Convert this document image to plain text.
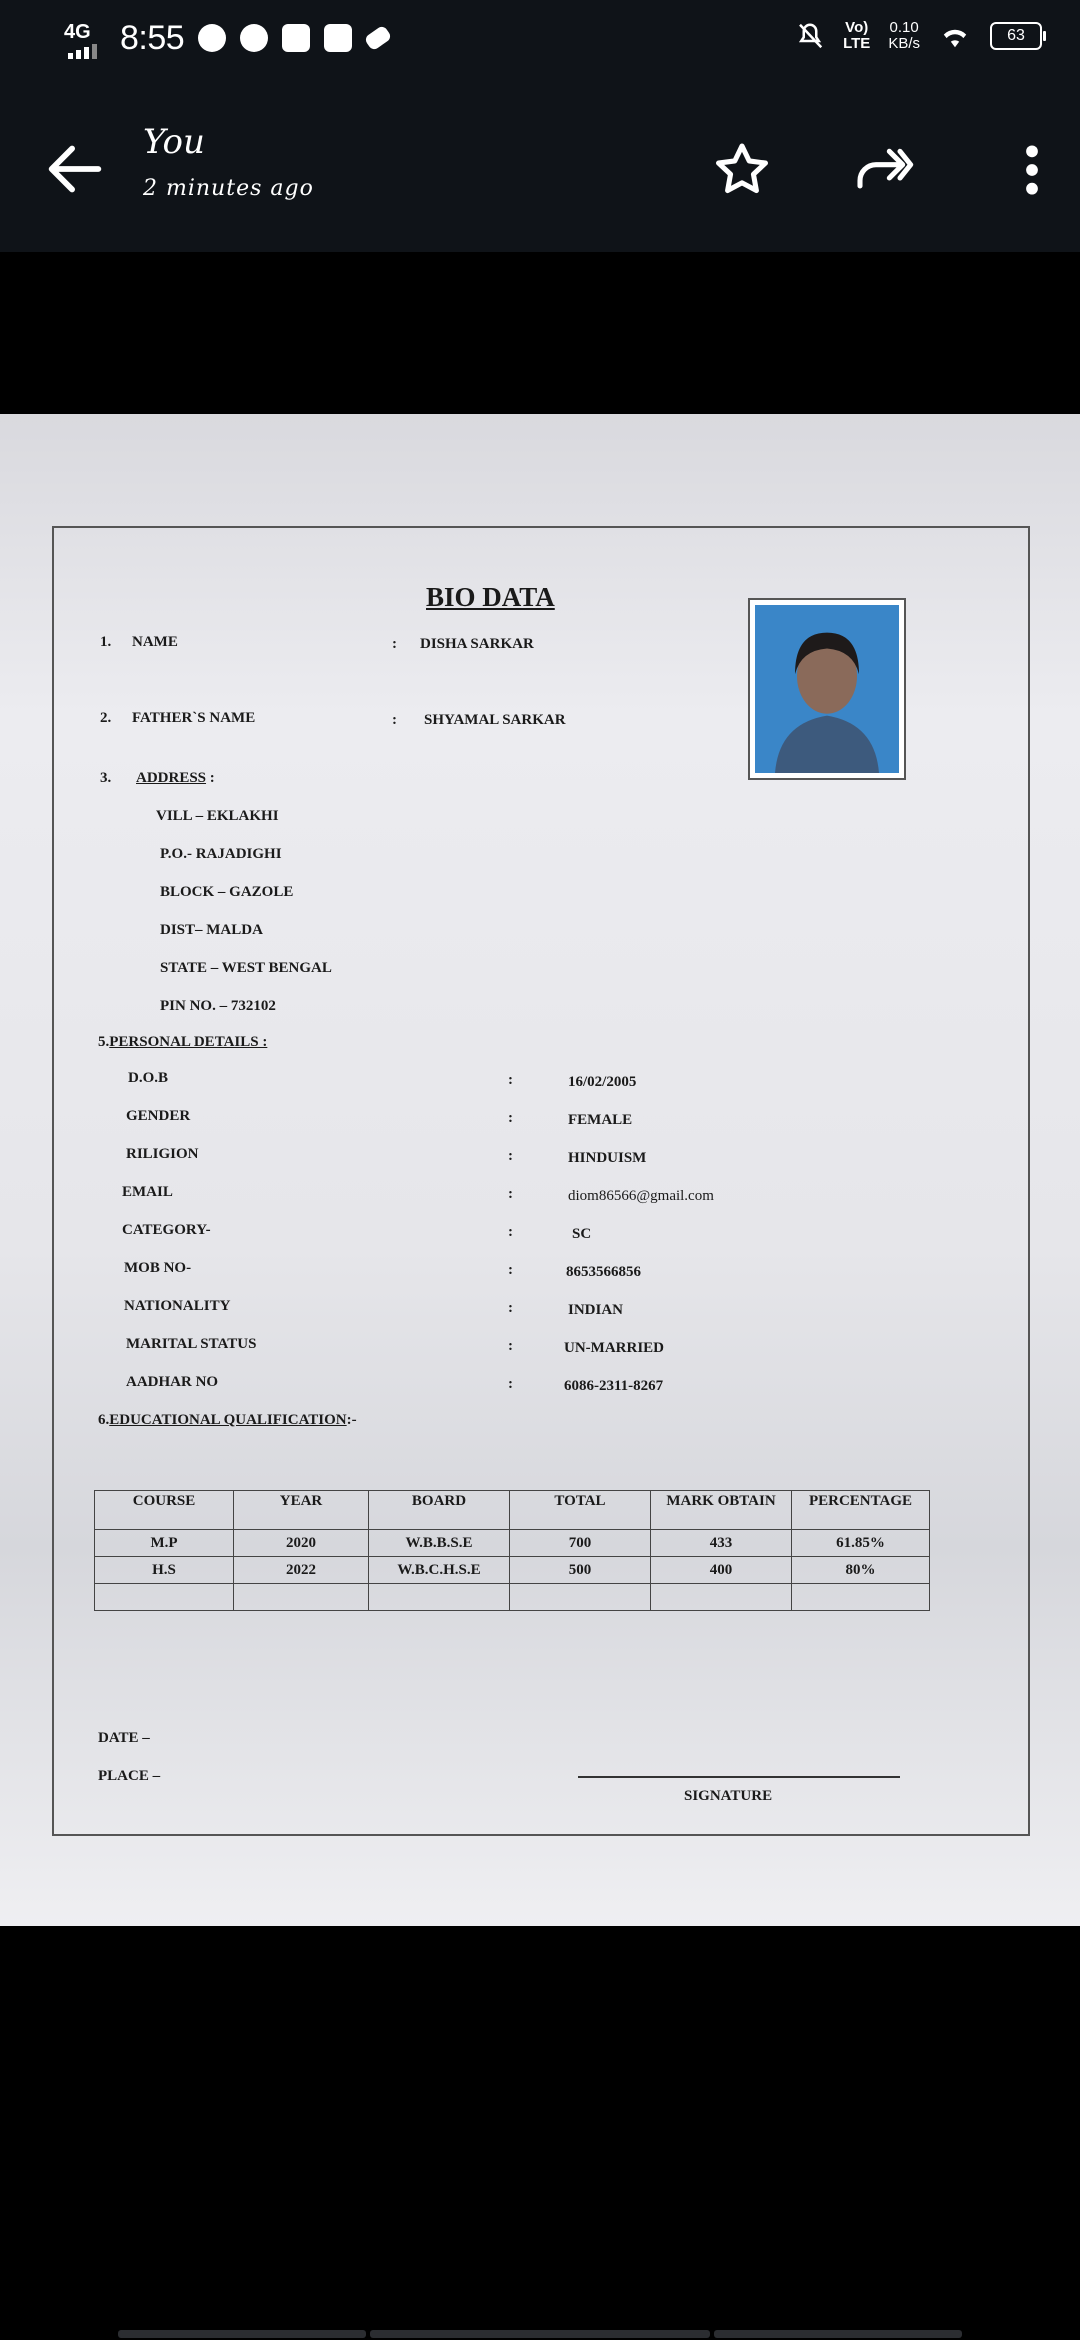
4G 8:55	Vo)
LTE
0.10
KB/s	63
You
2 minutes ago
BIO DATA
1. NAME	: DISHA SARKAR
2. FATHER`S NAME	: SHYAMAL SARKAR
3. ADDRESS :
VILL – EKLAKHI
P.O.- RAJADIGHI
BLOCK – GAZOLE
DIST– MALDA
STATE – WEST BENGAL
PIN NO. – 732102
5.PERSONAL DETAILS :
D.O.B	:	16/02/2005
GENDER	:	FEMALE
RILIGION	:	HINDUISM
EMAIL	:	diom86566@gmail.com
CATEGORY-	:	SC
MOB NO-	:	8653566856
NATIONALITY	:	INDIAN
MARITAL STATUS	:	UN-MARRIED
AADHAR NO	:	6086-2311-8267
6.EDUCATIONAL QUALIFICATION:-
COURSE	YEAR	BOARD	TOTAL	MARK OBTAIN	PERCENTAGE
M.P	2020	W.B.B.S.E	700	433	61.85%
H.S	2022	W.B.C.H.S.E	500	400	80%

DATE –
PLACE –
SIGNATURE
